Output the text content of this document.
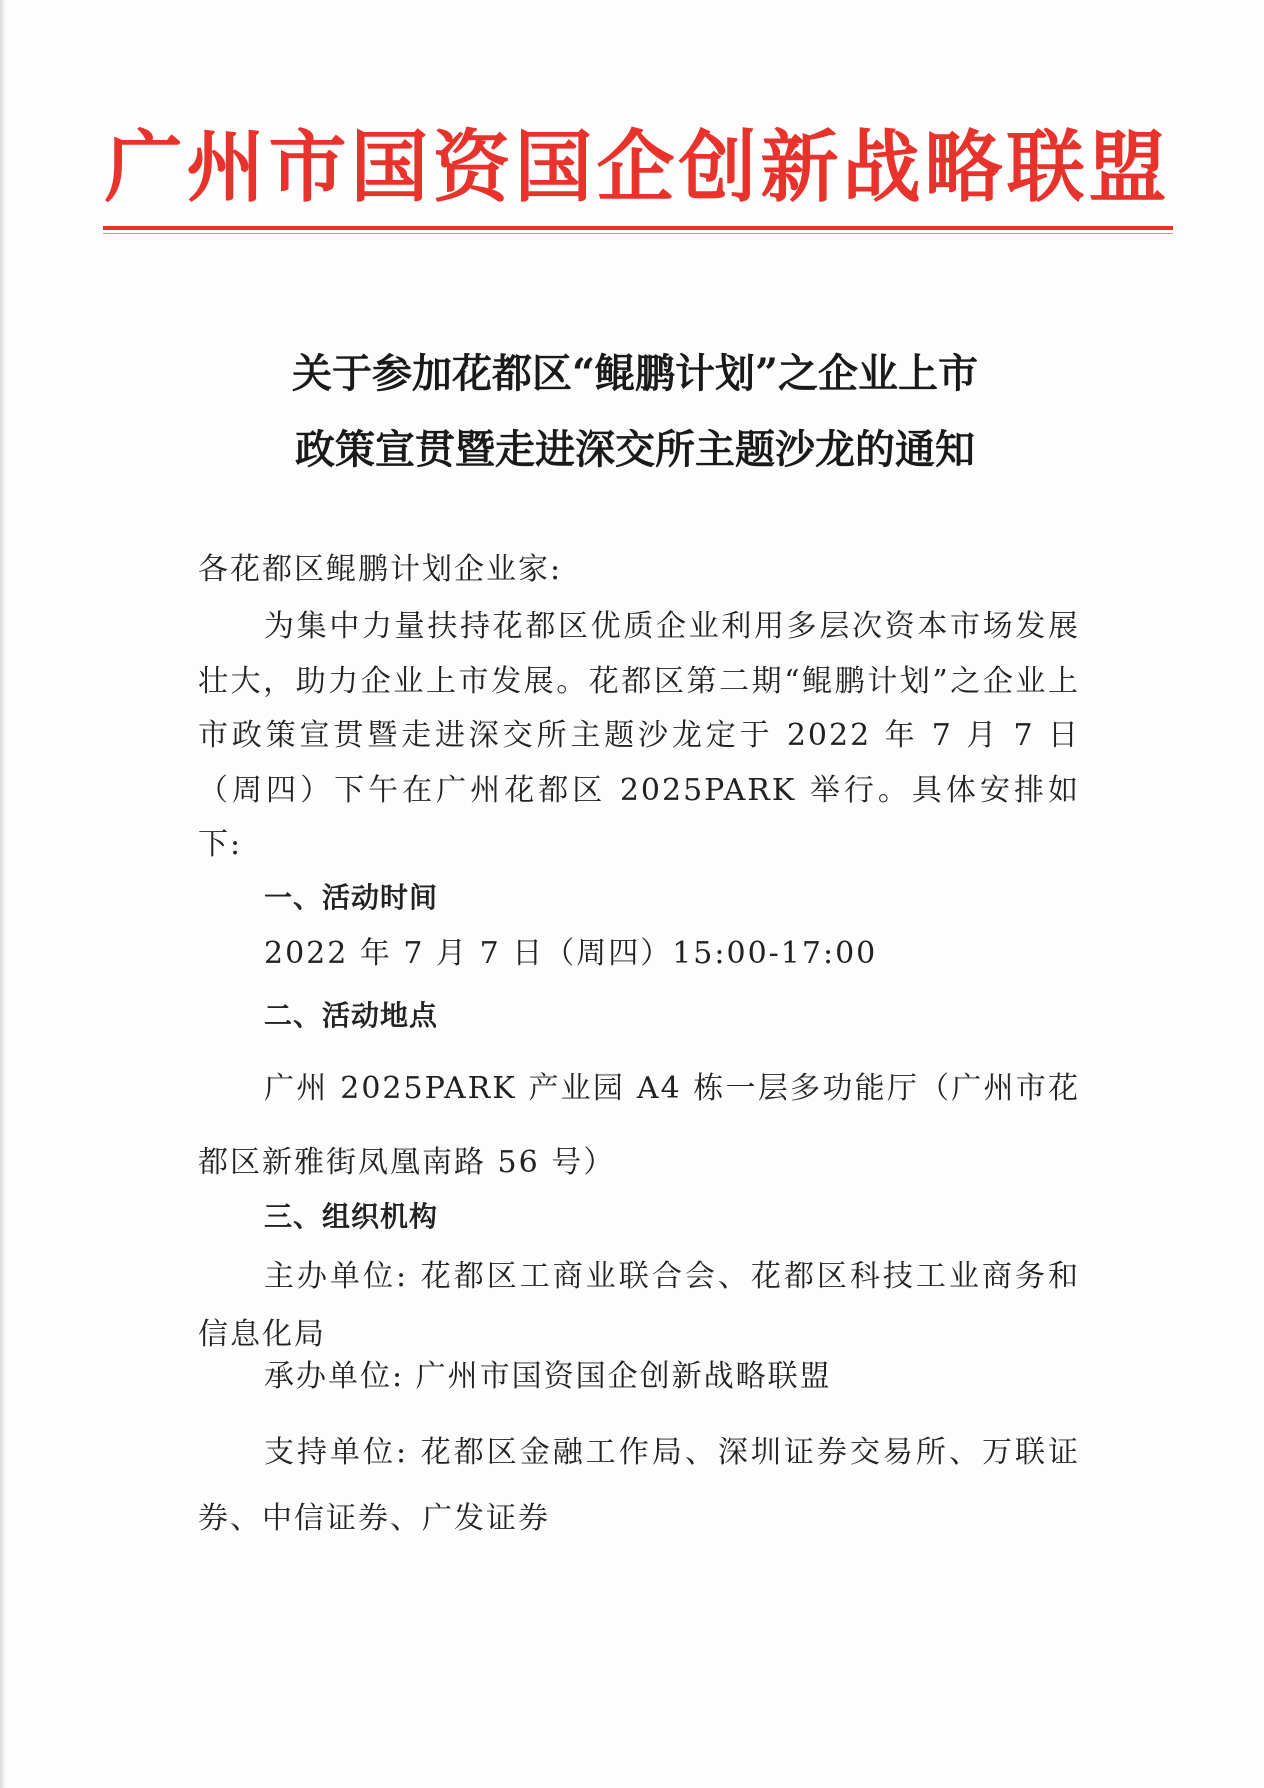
广州市国资国企创新战略联盟
关于参加花都区“鲲鹏计划”之企业上市
政策宣贯暨走进深交所主题沙龙的通知
各花都区鲲鹏计划企业家:
为集中力量扶持花都区优质企业利用多层次资本市场发展壮大，助力企业上市发展。花都区第二期“鲲鹏计划”之企业上市政策宣贯暨走进深交所主题沙龙定于 2022 年 7 月 7 日（周四）下午在广州花都区 2025PARK 举行。具体安排如下:
一、活动时间
2022 年 7 月 7 日（周四）15:00-17:00
二、活动地点
广州 2025PARK 产业园 A4 栋一层多功能厅（广州市花都区新雅街凤凰南路 56 号）
三、组织机构
主办单位: 花都区工商业联合会、花都区科技工业商务和信息化局
承办单位: 广州市国资国企创新战略联盟
支持单位: 花都区金融工作局、深圳证券交易所、万联证券、中信证券、广发证券
